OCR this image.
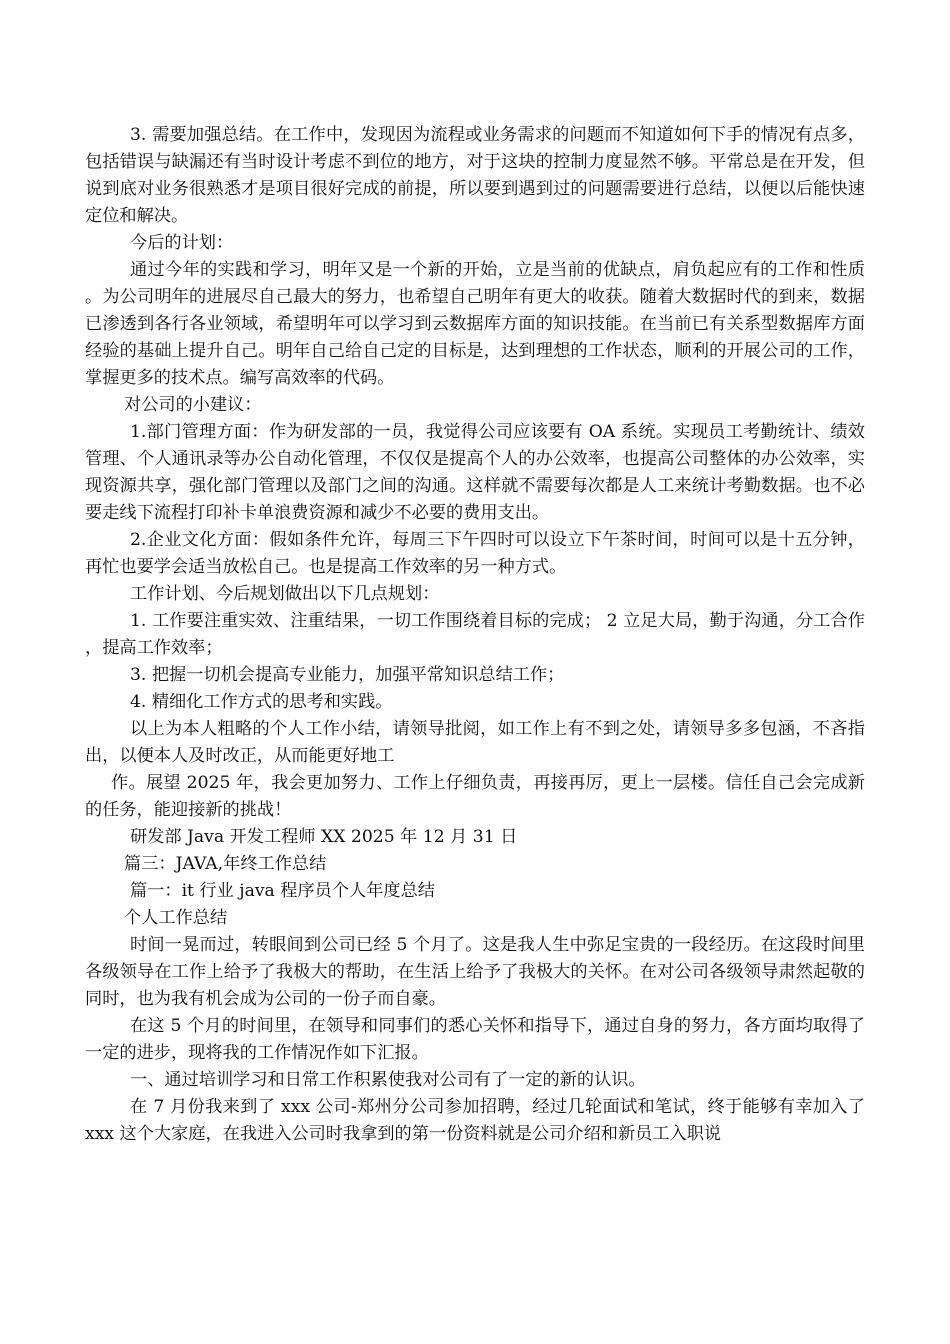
3. 需要加强总结。在工作中，发现因为流程或业务需求的问题而不知道如何下手的情况有点多，包括错误与缺漏还有当时设计考虑不到位的地方，对于这块的控制力度显然不够。平常总是在开发，但说到底对业务很熟悉才是项目很好完成的前提，所以要到遇到过的问题需要进行总结，以便以后能快速定位和解决。

今后的计划：

通过今年的实践和学习，明年又是一个新的开始，立是当前的优缺点，肩负起应有的工作和性质。为公司明年的进展尽自己最大的努力，也希望自己明年有更大的收获。随着大数据时代的到来，数据已渗透到各行各业领域，希望明年可以学习到云数据库方面的知识技能。在当前已有关系型数据库方面经验的基础上提升自己。明年自己给自己定的目标是，达到理想的工作状态，顺利的开展公司的工作，掌握更多的技术点。编写高效率的代码。

对公司的小建议：

1.部门管理方面：作为研发部的一员，我觉得公司应该要有 OA 系统。实现员工考勤统计、绩效管理、个人通讯录等办公自动化管理，不仅仅是提高个人的办公效率，也提高公司整体的办公效率，实现资源共享，强化部门管理以及部门之间的沟通。这样就不需要每次都是人工来统计考勤数据。也不必要走线下流程打印补卡单浪费资源和减少不必要的费用支出。

2.企业文化方面：假如条件允许，每周三下午四时可以设立下午茶时间，时间可以是十五分钟，再忙也要学会适当放松自己。也是提高工作效率的另一种方式。

工作计划、今后规划做出以下几点规划：

1. 工作要注重实效、注重结果，一切工作围绕着目标的完成； 2 立足大局，勤于沟通，分工合作，提高工作效率；

3. 把握一切机会提高专业能力，加强平常知识总结工作；

4. 精细化工作方式的思考和实践。

以上为本人粗略的个人工作小结，请领导批阅，如工作上有不到之处，请领导多多包涵，不吝指出，以便本人及时改正，从而能更好地工

作。展望 2025 年，我会更加努力、工作上仔细负责，再接再厉，更上一层楼。信任自己会完成新的任务，能迎接新的挑战！

研发部 Java 开发工程师 XX 2025 年 12 月 31 日

篇三：JAVA,年终工作总结

篇一：it 行业 java 程序员个人年度总结

个人工作总结

时间一晃而过，转眼间到公司已经 5 个月了。这是我人生中弥足宝贵的一段经历。在这段时间里各级领导在工作上给予了我极大的帮助，在生活上给予了我极大的关怀。在对公司各级领导肃然起敬的同时，也为我有机会成为公司的一份子而自豪。

在这 5 个月的时间里，在领导和同事们的悉心关怀和指导下，通过自身的努力，各方面均取得了一定的进步，现将我的工作情况作如下汇报。

一、通过培训学习和日常工作积累使我对公司有了一定的新的认识。

在 7 月份我来到了 xxx 公司-郑州分公司参加招聘，经过几轮面试和笔试，终于能够有幸加入了 xxx 这个大家庭，在我进入公司时我拿到的第一份资料就是公司介绍和新员工入职说
